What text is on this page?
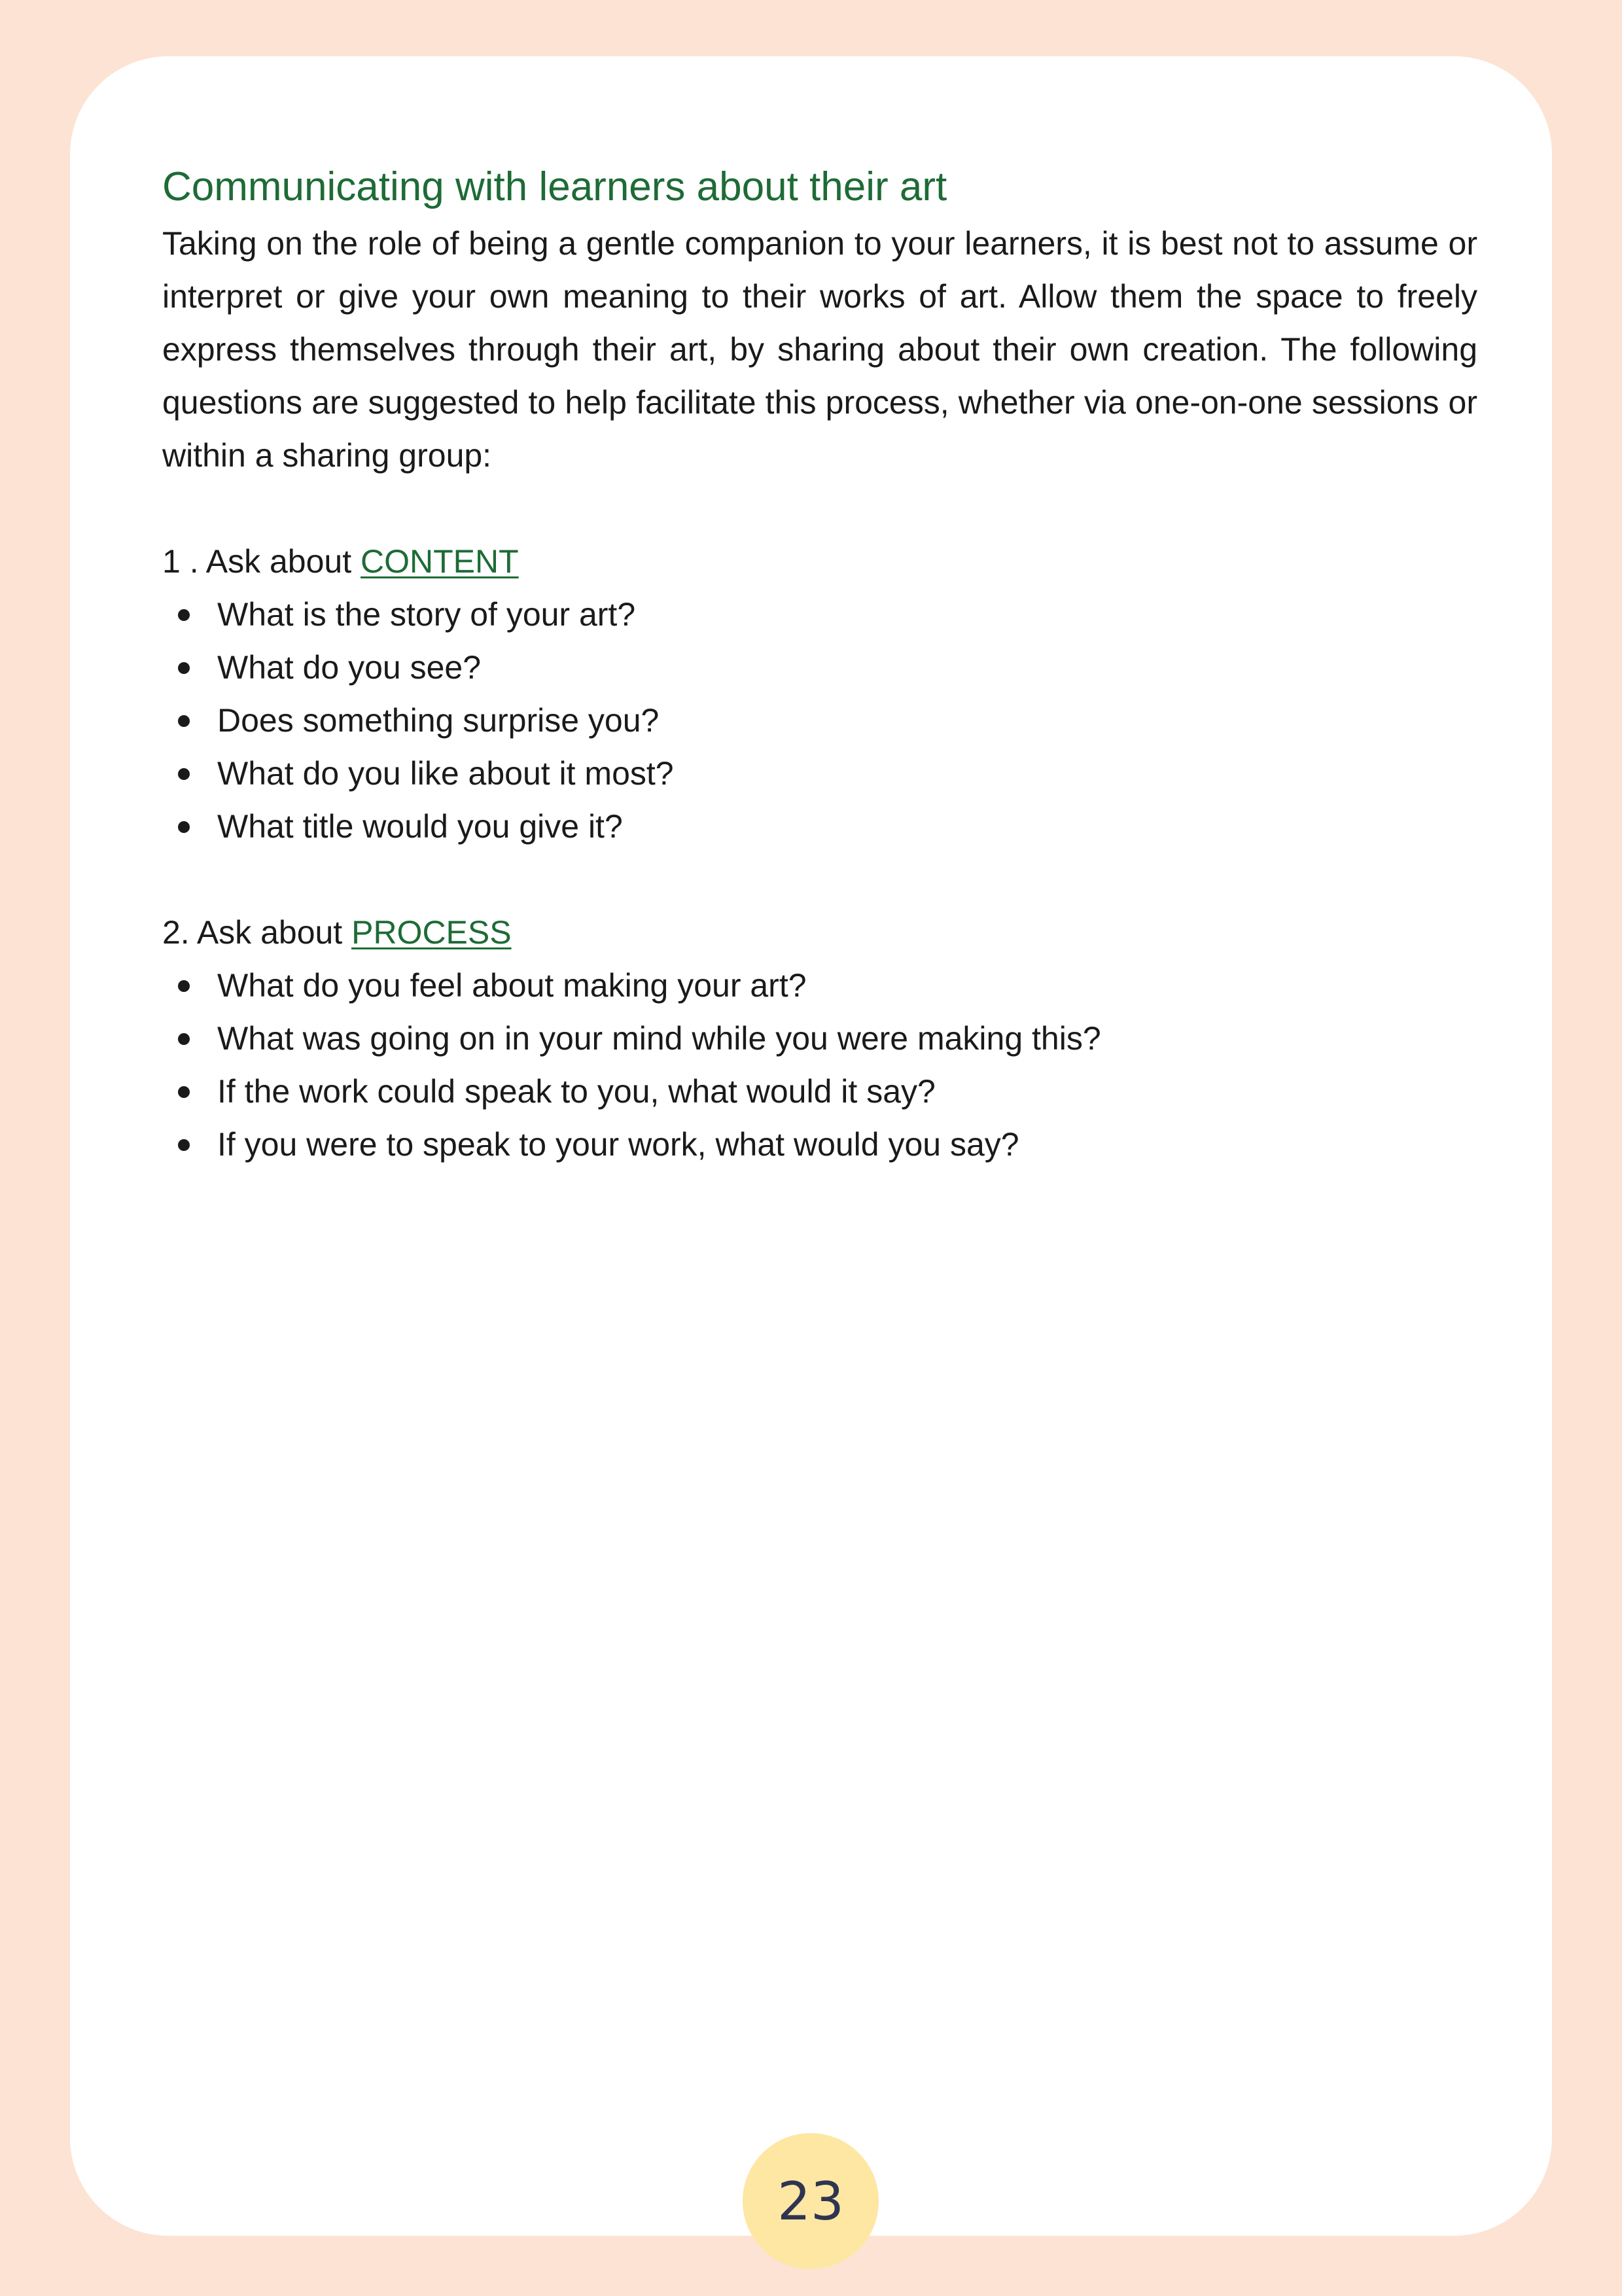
Communicating with learners about their art

Taking on the role of being a gentle companion to your learners, it is best not to assume or interpret or give your own meaning to their works of art. Allow them the space to freely express themselves through their art, by sharing about their own creation. The following questions are suggested to help facilitate this process, whether via one-on-one sessions or within a sharing group:

1 . Ask about CONTENT

What is the story of your art?
What do you see?
Does something surprise you?
What do you like about it most?
What title would you give it?

2. Ask about PROCESS

What do you feel about making your art?
What was going on in your mind while you were making this?
If the work could speak to you, what would it say?
If you were to speak to your work, what would you say?
23
